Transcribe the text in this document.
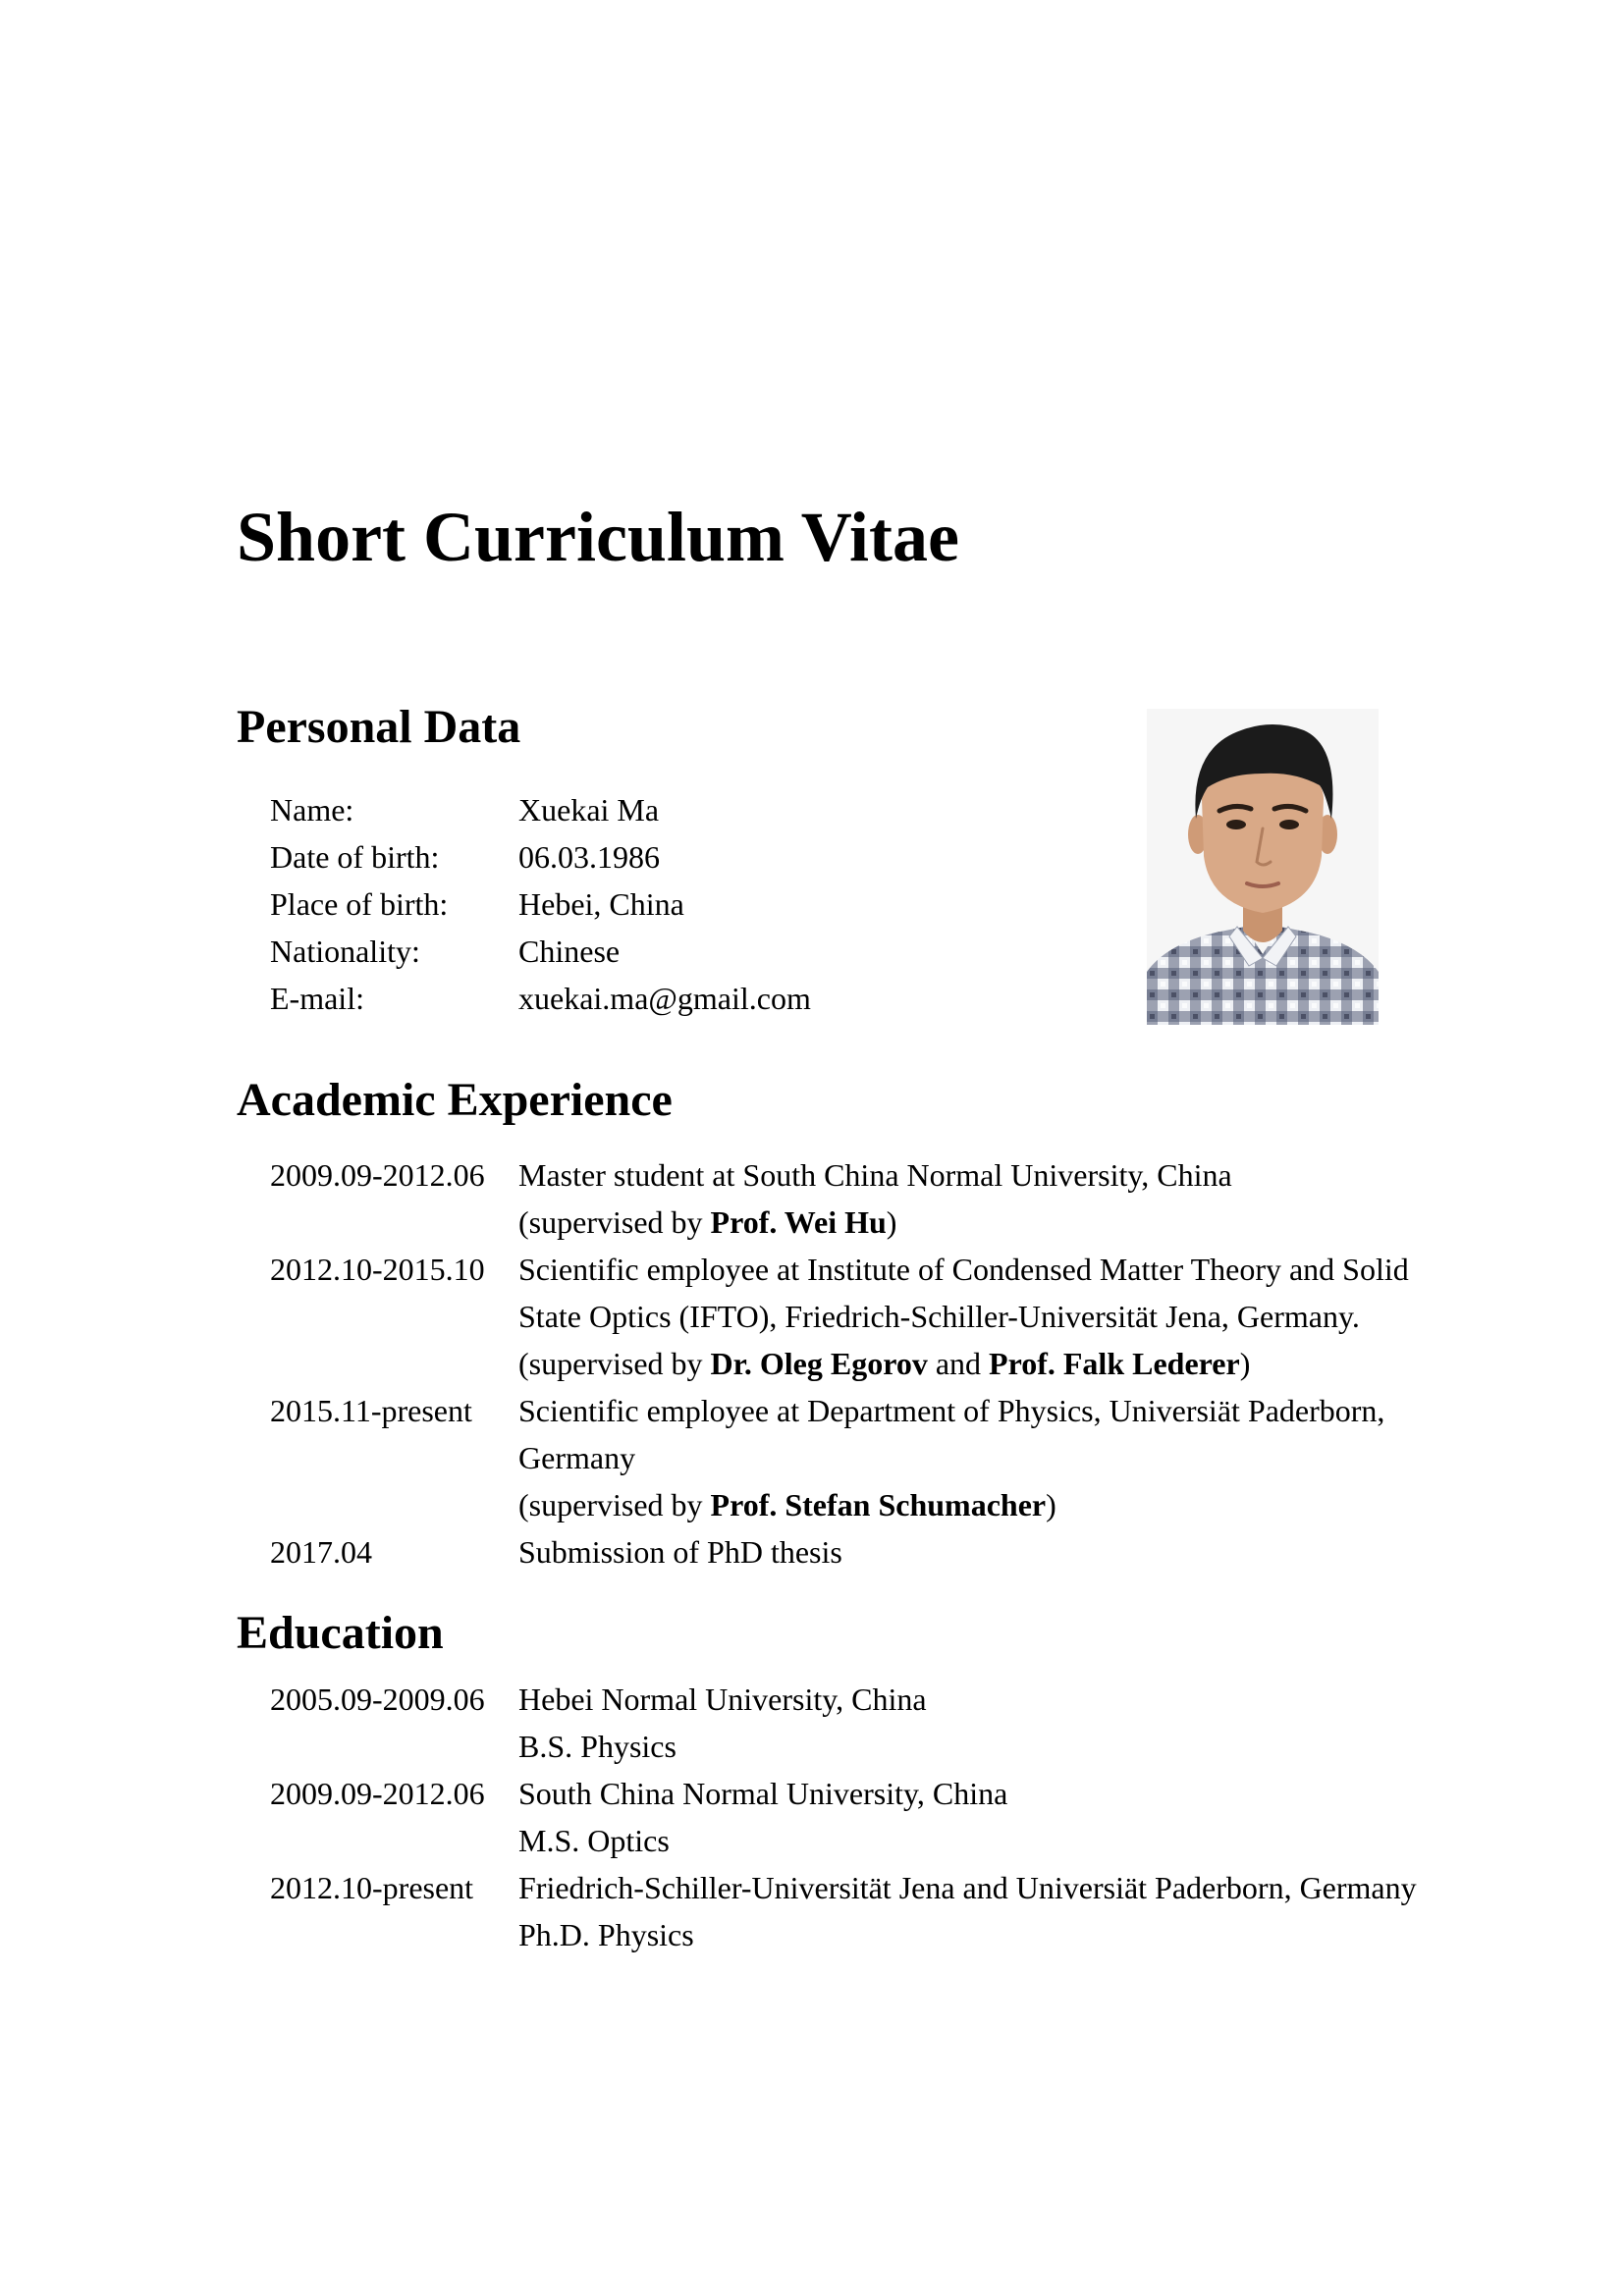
Short Curriculum Vitae
Personal Data
Name:	Xuekai Ma
Date of birth:	06.03.1986
Place of birth:	Hebei, China
Nationality:	Chinese
E-mail:	xuekai.ma@gmail.com
Academic Experience
2009.09-2012.06	Master student at South China Normal University, China
(supervised by Prof. Wei Hu)
2012.10-2015.10	Scientific employee at Institute of Condensed Matter Theory and Solid
State Optics (IFTO), Friedrich-Schiller-Universität Jena, Germany.
(supervised by Dr. Oleg Egorov and Prof. Falk Lederer)
2015.11-present	Scientific employee at Department of Physics, Universiät Paderborn,
Germany
(supervised by Prof. Stefan Schumacher)
2017.04	Submission of PhD thesis
Education
2005.09-2009.06	Hebei Normal University, China
B.S. Physics
2009.09-2012.06	South China Normal University, China
M.S. Optics
2012.10-present	Friedrich-Schiller-Universität Jena and Universiät Paderborn, Germany
Ph.D. Physics
